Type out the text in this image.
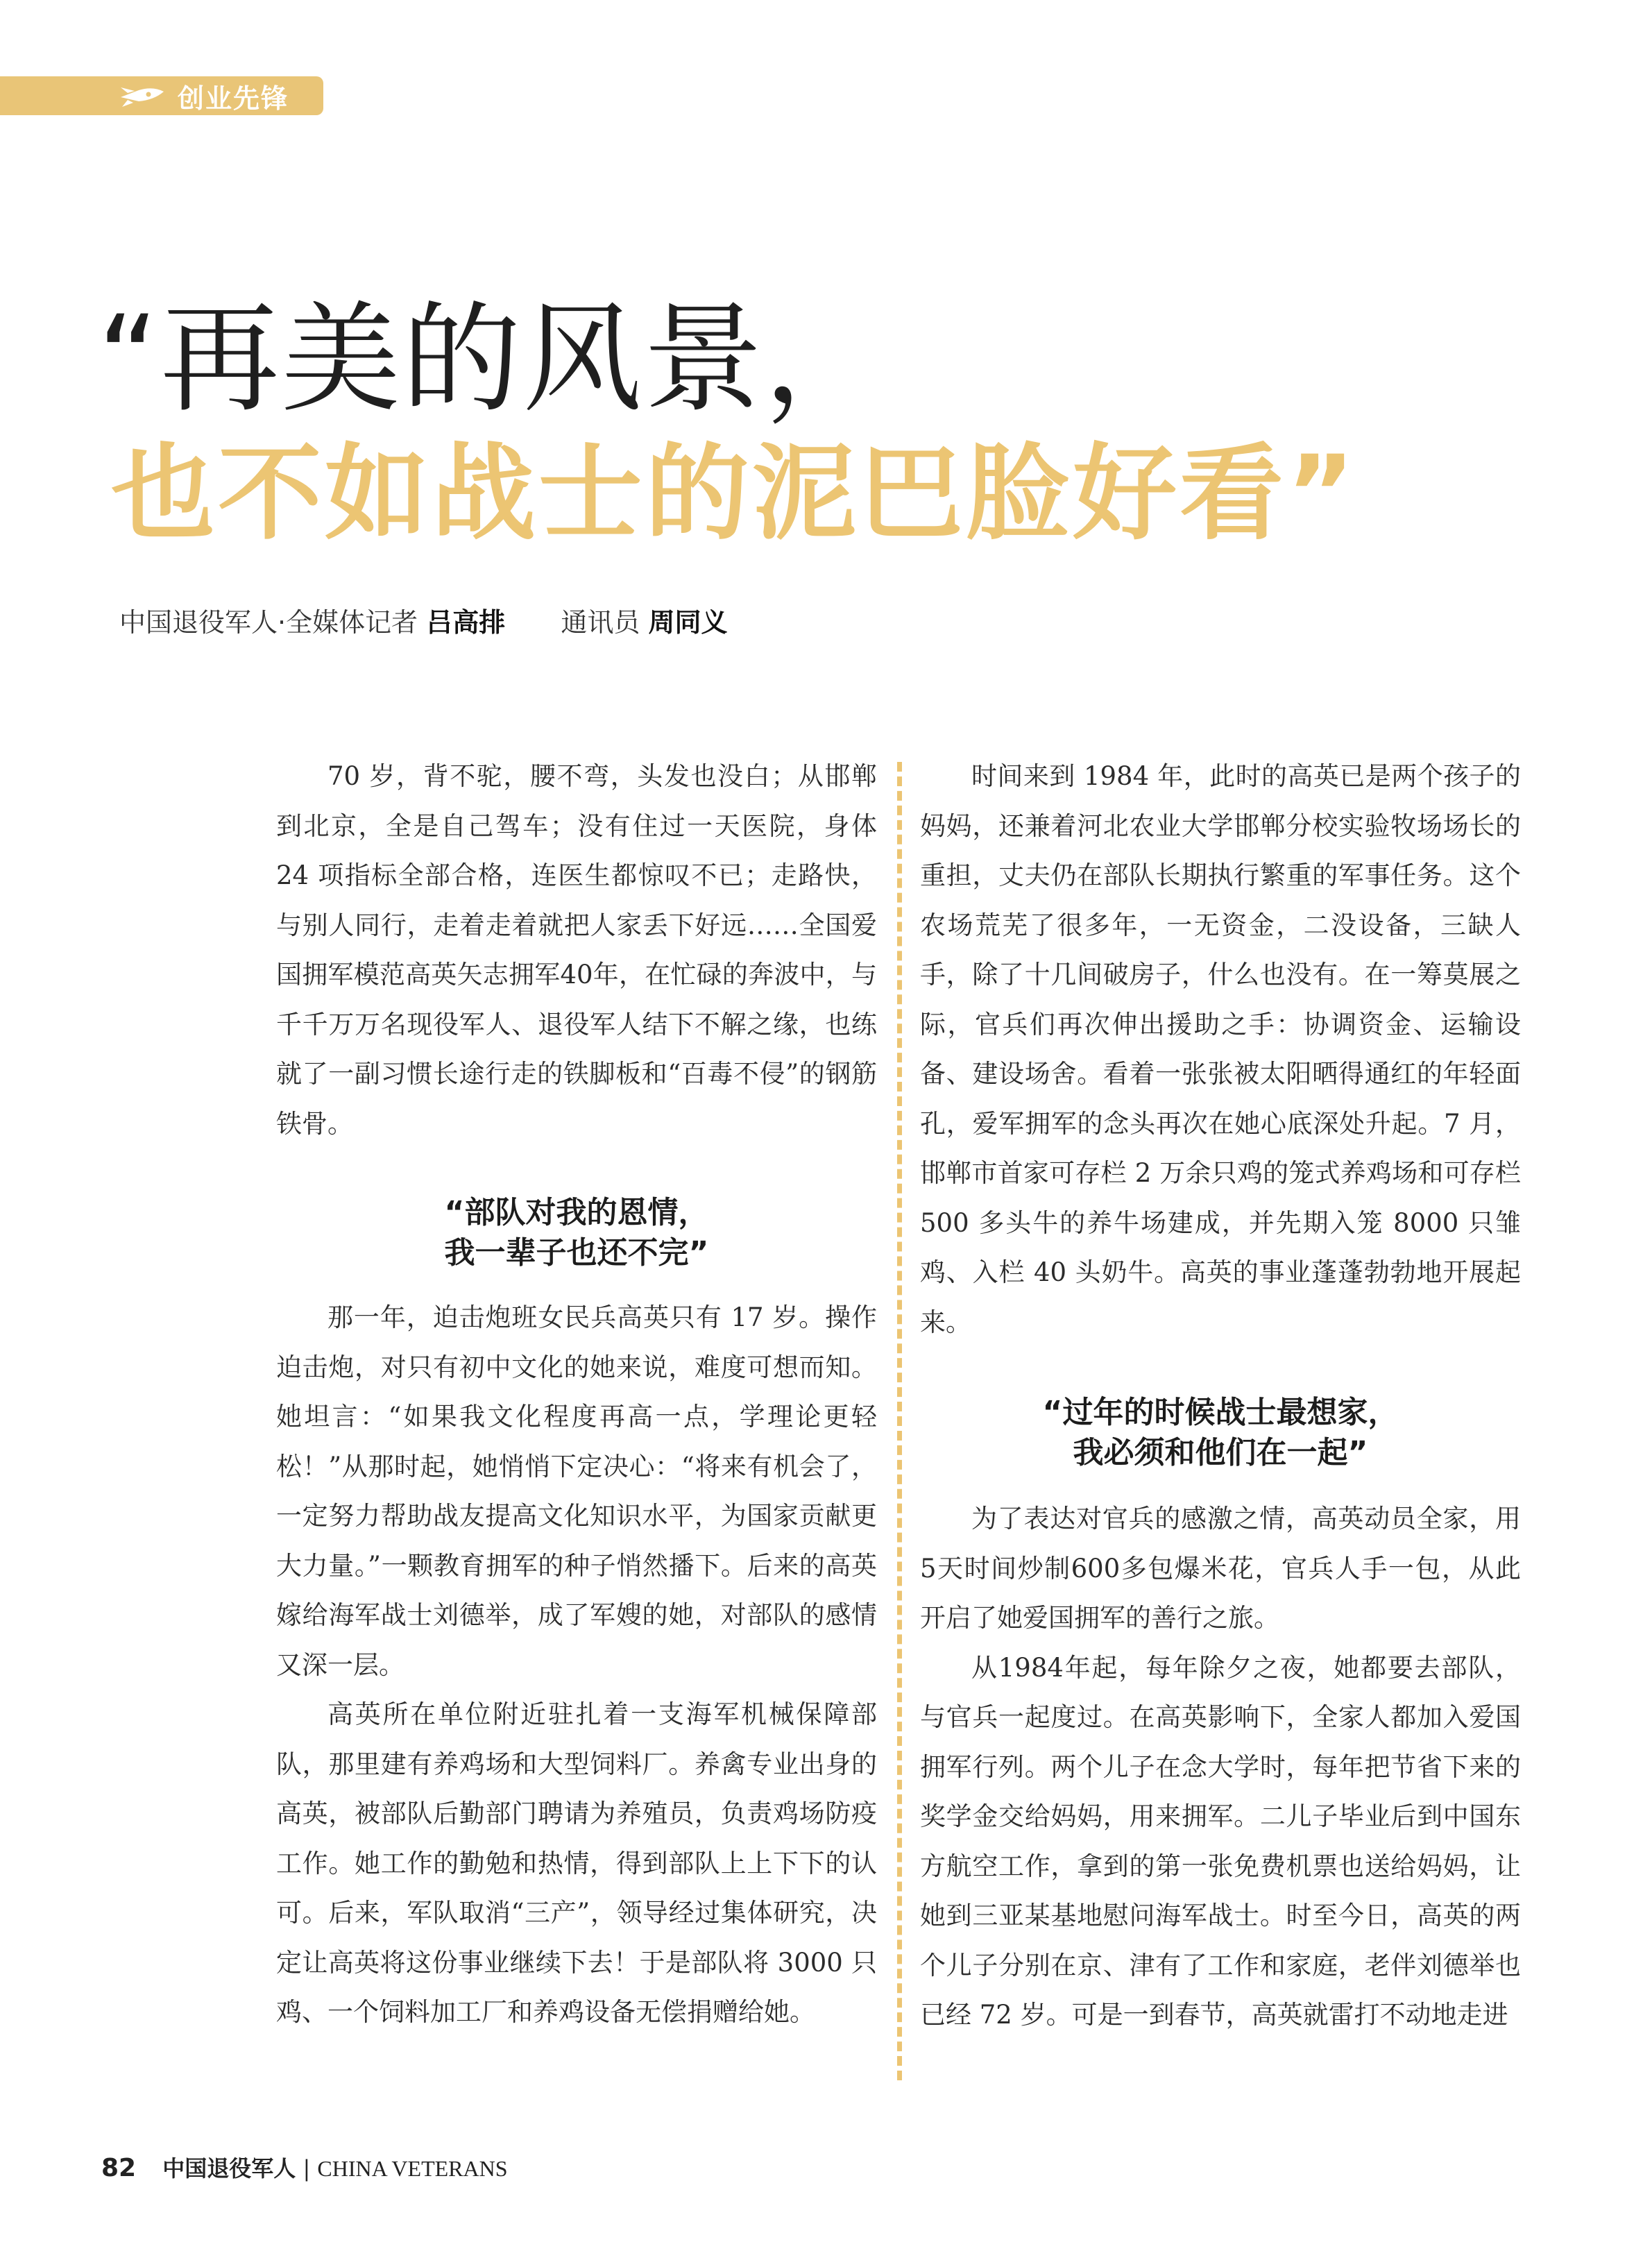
创业先锋
“再美的风景，
也不如战士的泥巴脸好看”
中国退役军人·全媒体记者 吕高排 通讯员 周同义

70 岁，背不驼，腰不弯，头发也没白；从邯郸到北京，全是自己驾车；没有住过一天医院，身体 24 项指标全部合格，连医生都惊叹不已；走路快，与别人同行，走着走着就把人家丢下好远……全国爱国拥军模范高英矢志拥军40年，在忙碌的奔波中，与千千万万名现役军人、退役军人结下不解之缘，也练就了一副习惯长途行走的铁脚板和“百毒不侵”的钢筋铁骨。

“部队对我的恩情，
我一辈子也还不完”

那一年，迫击炮班女民兵高英只有 17 岁。操作迫击炮，对只有初中文化的她来说，难度可想而知。她坦言：“如果我文化程度再高一点，学理论更轻松！”从那时起，她悄悄下定决心：“将来有机会了，一定努力帮助战友提高文化知识水平，为国家贡献更大力量。”一颗教育拥军的种子悄然播下。后来的高英嫁给海军战士刘德举，成了军嫂的她，对部队的感情又深一层。

高英所在单位附近驻扎着一支海军机械保障部队，那里建有养鸡场和大型饲料厂。养禽专业出身的高英，被部队后勤部门聘请为养殖员，负责鸡场防疫工作。她工作的勤勉和热情，得到部队上上下下的认可。后来，军队取消“三产”，领导经过集体研究，决定让高英将这份事业继续下去！于是部队将 3000 只鸡、一个饲料加工厂和养鸡设备无偿捐赠给她。

时间来到 1984 年，此时的高英已是两个孩子的妈妈，还兼着河北农业大学邯郸分校实验牧场场长的重担，丈夫仍在部队长期执行繁重的军事任务。这个农场荒芜了很多年，一无资金，二没设备，三缺人手，除了十几间破房子，什么也没有。在一筹莫展之际，官兵们再次伸出援助之手：协调资金、运输设备、建设场舍。看着一张张被太阳晒得通红的年轻面孔，爱军拥军的念头再次在她心底深处升起。7 月，邯郸市首家可存栏 2 万余只鸡的笼式养鸡场和可存栏 500 多头牛的养牛场建成，并先期入笼 8000 只雏鸡、入栏 40 头奶牛。高英的事业蓬蓬勃勃地开展起来。

“过年的时候战士最想家，
我必须和他们在一起”

为了表达对官兵的感激之情，高英动员全家，用5天时间炒制600多包爆米花，官兵人手一包，从此开启了她爱国拥军的善行之旅。

从1984年起，每年除夕之夜，她都要去部队，与官兵一起度过。在高英影响下，全家人都加入爱国拥军行列。两个儿子在念大学时，每年把节省下来的奖学金交给妈妈，用来拥军。二儿子毕业后到中国东方航空工作，拿到的第一张免费机票也送给妈妈，让她到三亚某基地慰问海军战士。时至今日，高英的两个儿子分别在京、津有了工作和家庭，老伴刘德举也已经 72 岁。可是一到春节，高英就雷打不动地走进

82 中国退役军人 | CHINA VETERANS
